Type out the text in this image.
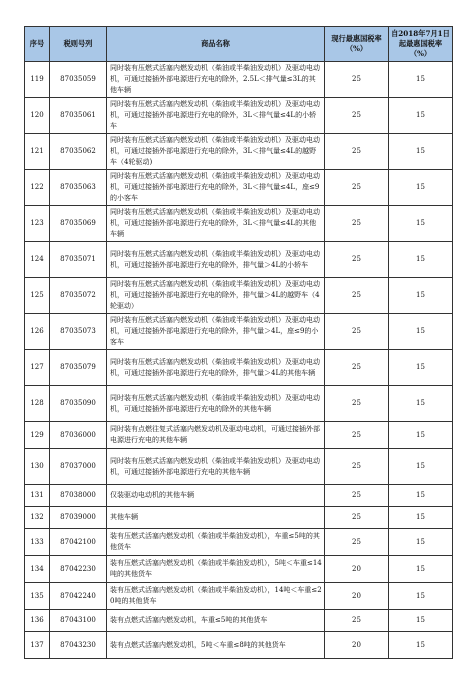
序号	税则号列	商品名称	现行最惠国税率（%）	自2018年7月1日起最惠国税率（%）
119	87035059	同时装有压燃式活塞内燃发动机（柴油或半柴油发动机）及驱动电动机，可通过接插外部电源进行充电的除外，2.5L＜排气量≤3L的其他车辆	25	15
120	87035061	同时装有压燃式活塞内燃发动机（柴油或半柴油发动机）及驱动电动机，可通过接插外部电源进行充电的除外，3L＜排气量≤4L的小轿车	25	15
121	87035062	同时装有压燃式活塞内燃发动机（柴油或半柴油发动机）及驱动电动机，可通过接插外部电源进行充电的除外，3L＜排气量≤4L的越野车（4轮驱动)	25	15
122	87035063	同时装有压燃式活塞内燃发动机（柴油或半柴油发动机）及驱动电动机，可通过接插外部电源进行充电的除外，3L＜排气量≤4L，座≤9的小客车	25	15
123	87035069	同时装有压燃式活塞内燃发动机（柴油或半柴油发动机）及驱动电动机，可通过接插外部电源进行充电的除外，3L＜排气量≤4L的其他车辆	25	15
124	87035071	同时装有压燃式活塞内燃发动机（柴油或半柴油发动机）及驱动电动机，可通过接插外部电源进行充电的除外，排气量＞4L的小轿车	25	15
125	87035072	同时装有压燃式活塞内燃发动机（柴油或半柴油发动机）及驱动电动机，可通过接插外部电源进行充电的除外，排气量＞4L的越野车（4轮驱动）	25	15
126	87035073	同时装有压燃式活塞内燃发动机（柴油或半柴油发动机）及驱动电动机，可通过接插外部电源进行充电的除外，排气量＞4L，座≤9的小客车	25	15
127	87035079	同时装有压燃式活塞内燃发动机（柴油或半柴油发动机）及驱动电动机，可通过接插外部电源进行充电的除外，排气量＞4L的其他车辆	25	15
128	87035090	同时装有压燃式活塞内燃发动机（柴油或半柴油发动机）及驱动电动机，可通过接插外部电源进行充电的除外的其他车辆	25	15
129	87036000	同时装有点燃往复式活塞内燃发动机及驱动电动机，可通过接插外部电源进行充电的其他车辆	25	15
130	87037000	同时装有压燃式活塞内燃发动机（柴油或半柴油发动机）及驱动电动机，可通过接插外部电源进行充电的其他车辆	25	15
131	87038000	仅装驱动电动机的其他车辆	25	15
132	87039000	其他车辆	25	15
133	87042100	装有压燃式活塞内燃发动机（柴油或半柴油发动机），车重≤5吨的其他货车	25	15
134	87042230	装有压燃式活塞内燃发动机（柴油或半柴油发动机），5吨＜车重≤14吨的其他货车	20	15
135	87042240	装有压燃式活塞内燃发动机（柴油或半柴油发动机），14吨＜车重≤20吨的其他货车	20	15
136	87043100	装有点燃式活塞内燃发动机，车重≤5吨的其他货车	25	15
137	87043230	装有点燃式活塞内燃发动机，5吨＜车重≤8吨的其他货车	20	15
